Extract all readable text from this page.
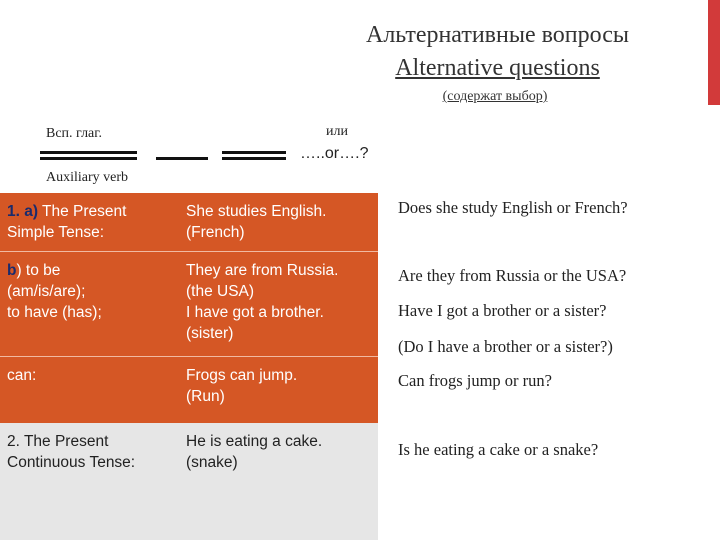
Альтернативные вопросы
Alternative questions
(содержат выбор)
Всп. глаг.	или
…..or….?
Auxiliary verb
1. a) The Present
Simple Tense:
She studies English.
(French)
b) to be
(am/is/are);
to have (has);
They are from Russia.
(the USA)
I have got a brother.
(sister)
can:	Frogs can jump.
(Run)
2. The Present
Continuous Tense:
He is eating a cake.
(snake)
Does she study English or French?
Are they from Russia or the USA?
Have I got a brother or a sister?
(Do I have a brother or a sister?)
Can frogs jump or run?
Is he eating a cake or a snake?
